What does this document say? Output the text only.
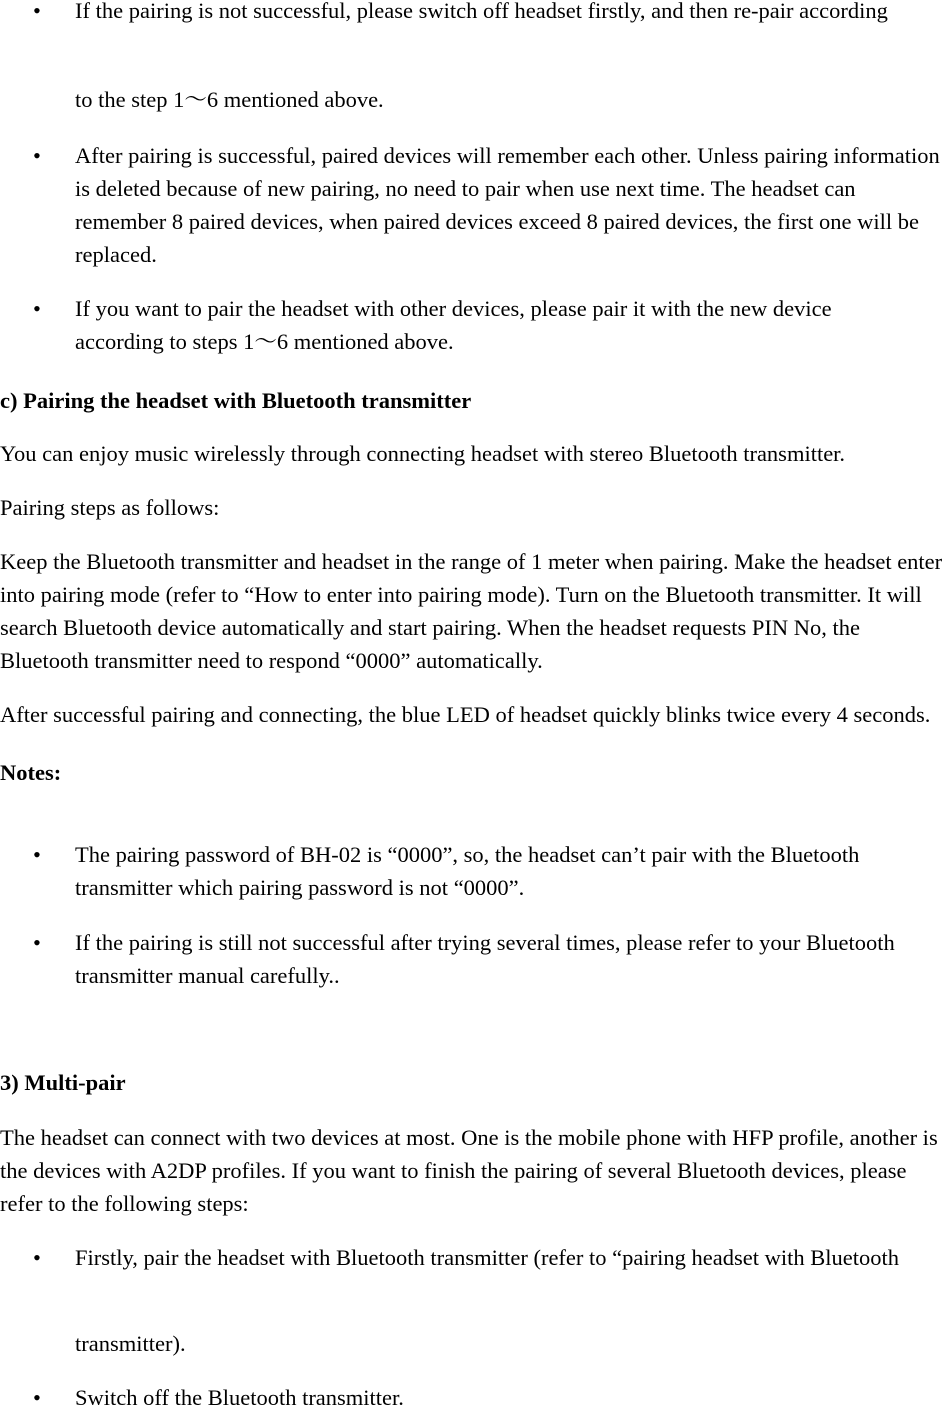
•	If the pairing is not successful, please switch off headset firstly, and then re-pair according
to the step 1～6 mentioned above.
•	After pairing is successful, paired devices will remember each other. Unless pairing information is deleted because of new pairing, no need to pair when use next time. The headset can remember 8 paired devices, when paired devices exceed 8 paired devices, the first one will be replaced.
•	If you want to pair the headset with other devices, please pair it with the new device according to steps 1～6 mentioned above.
c) Pairing the headset with Bluetooth transmitter
You can enjoy music wirelessly through connecting headset with stereo Bluetooth transmitter.
Pairing steps as follows:
Keep the Bluetooth transmitter and headset in the range of 1 meter when pairing. Make the headset enter into pairing mode (refer to “How to enter into pairing mode). Turn on the Bluetooth transmitter. It will search Bluetooth device automatically and start pairing. When the headset requests PIN No, the Bluetooth transmitter need to respond “0000” automatically.
After successful pairing and connecting, the blue LED of headset quickly blinks twice every 4 seconds.
Notes:
•	The pairing password of BH-02 is “0000”, so, the headset can’t pair with the Bluetooth transmitter which pairing password is not “0000”.
•	If the pairing is still not successful after trying several times, please refer to your Bluetooth transmitter manual carefully..
3) Multi-pair
The headset can connect with two devices at most. One is the mobile phone with HFP profile, another is the devices with A2DP profiles. If you want to finish the pairing of several Bluetooth devices, please refer to the following steps:
•	Firstly, pair the headset with Bluetooth transmitter (refer to “pairing headset with Bluetooth
transmitter).
•	Switch off the Bluetooth transmitter.
